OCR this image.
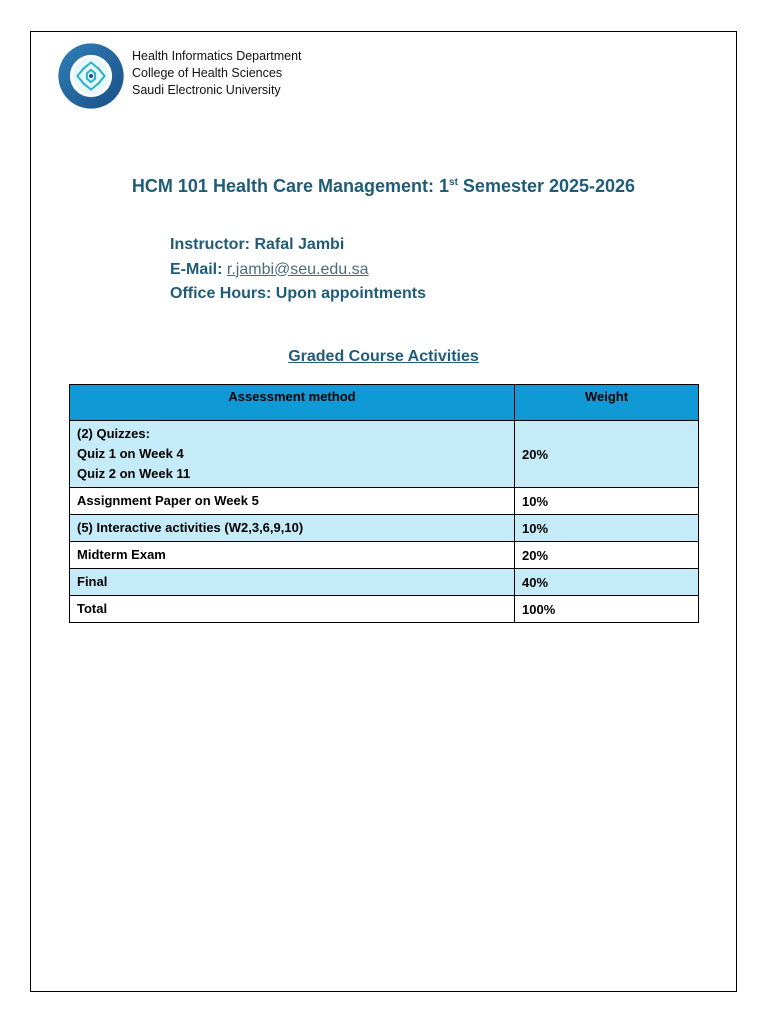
Health Informatics Department
College of Health Sciences
Saudi Electronic University
HCM 101 Health Care Management: 1st Semester 2025-2026
Instructor: Rafal Jambi
E-Mail: r.jambi@seu.edu.sa
Office Hours: Upon appointments
Graded Course Activities
Assessment method	Weight

(2) Quizzes:
Quiz 1 on Week 4
Quiz 2 on Week 11	20%

Assignment Paper on Week 5	10%

(5) Interactive activities (W2,3,6,9,10)	10%

Midterm Exam	20%

Final	40%

Total	100%
